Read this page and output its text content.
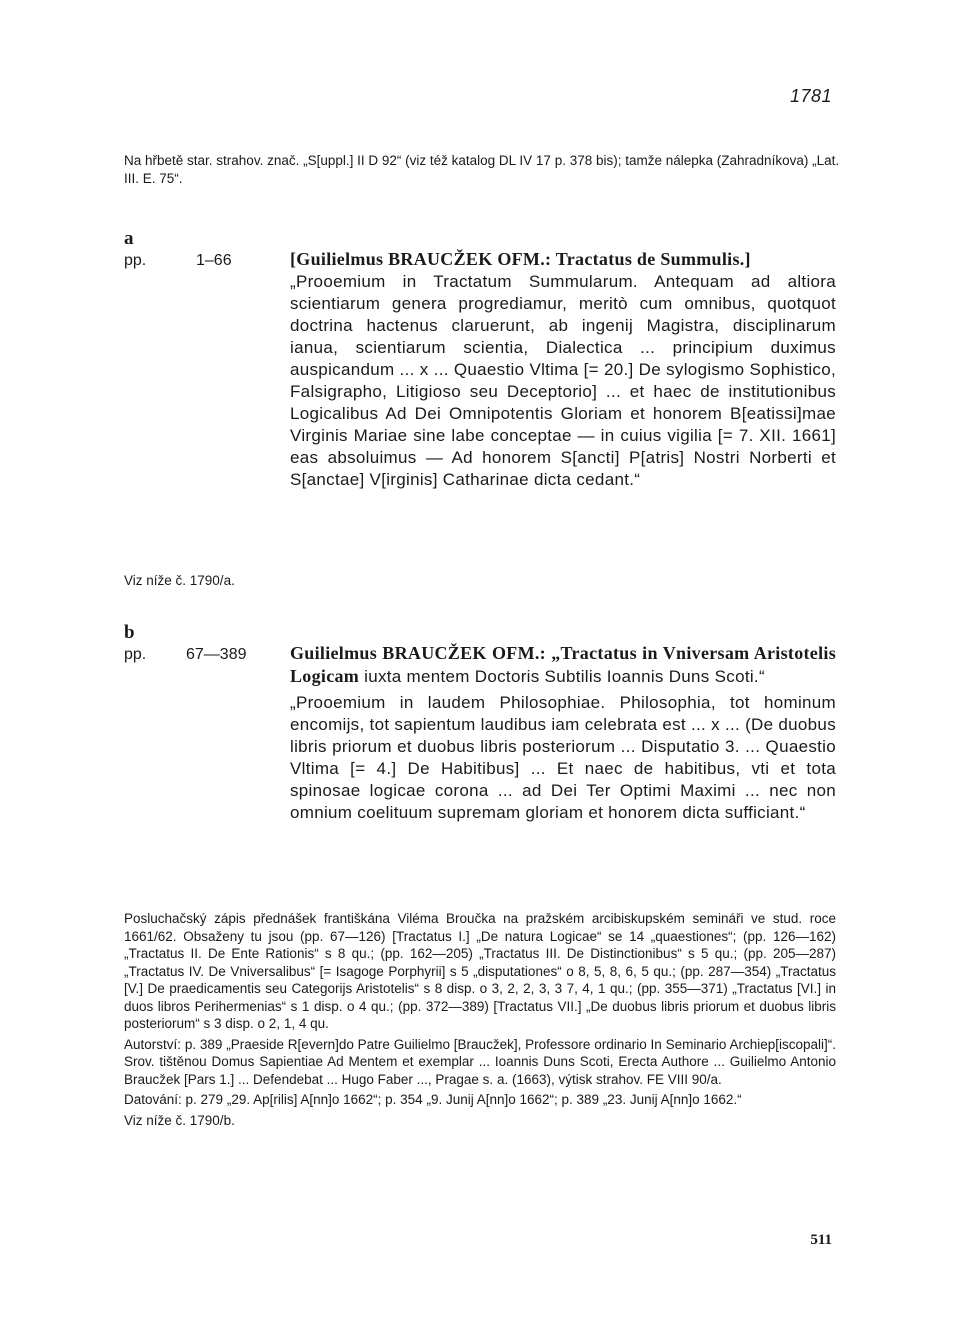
1781
Na hřbetě star. strahov. znač. „S[uppl.] II D 92“ (viz též katalog DL IV 17 p. 378 bis); tamže nálepka (Zahradníkova) „Lat. III. E. 75“.
a
pp.	1–66	[Guilielmus BRAUCŽEK OFM.: Tractatus de Summulis.]

„Prooemium in Tractatum Summularum. Antequam ad altiora scientiarum genera progrediamur, meritò cum omnibus, quotquot doctrina hactenus claruerunt, ab ingenij Magistra, disciplinarum ianua, scientiarum scientia, Dialectica ... principium duximus auspicandum ... x ... Quaestio Vltima [= 20.] De sylogismo Sophistico, Falsigrapho, Litigioso seu Deceptorio] ... et haec de institutionibus Logicalibus Ad Dei Omnipotentis Gloriam et honorem B[eatissi]mae Virginis Mariae sine labe conceptae — in cuius vigilia [= 7. XII. 1661] eas absoluimus — Ad honorem S[ancti] P[atris] Nostri Norberti et S[anctae] V[irginis] Catharinae dicta cedant.“

Viz níže č. 1790/a.
b
pp. 67—389 Guilielmus BRAUCŽEK OFM.: „Tractatus in Vniversam Aristotelis Logicam iuxta mentem Doctoris Subtilis Ioannis Duns Scoti.“

„Prooemium in laudem Philosophiae. Philosophia, tot hominum encomijs, tot sapientum laudibus iam celebrata est ... x ... (De duobus libris priorum et duobus libris posteriorum ... Disputatio 3. ... Quaestio Vltima [= 4.] De Habitibus] ... Et naec de habitibus, vti et tota spinosae logicae corona ... ad Dei Ter Optimi Maximi ... nec non omnium coelituum supremam gloriam et honorem dicta sufficiant.“

Posluchačský zápis přednášek františkána Viléma Broučka na pražském arcibiskupském semináři ve stud. roce 1661/62. Obsaženy tu jsou (pp. 67—126) [Tractatus I.] „De natura Logicae“ se 14 „quaestiones“; (pp. 126—162) „Tractatus II. De Ente Rationis“ s 8 qu.; (pp. 162—205) „Tractatus III. De Distinctionibus“ s 5 qu.; (pp. 205—287) „Tractatus IV. De Vniversalibus“ [= Isagoge Porphyrii] s 5 „disputationes“ o 8, 5, 8, 6, 5 qu.; (pp. 287—354) „Tractatus [V.] De praedicamentis seu Categorijs Aristotelis“ s 8 disp. o 3, 2, 2, 3, 3 7, 4, 1 qu.; (pp. 355—371) „Tractatus [VI.] in duos libros Perihermenias“ s 1 disp. o 4 qu.; (pp. 372—389) [Tractatus VII.] „De duobus libris priorum et duobus libris posteriorum“ s 3 disp. o 2, 1, 4 qu.

Autorství: p. 389 „Praeside R[evern]do Patre Guilielmo [Braucžek], Professore ordinario In Seminario Archiep[iscopali]“. Srov. tištěnou Domus Sapientiae Ad Mentem et exemplar ... Ioannis Duns Scoti, Erecta Authore ... Guilielmo Antonio Braucžek [Pars 1.] ... Defendebat ... Hugo Faber ..., Pragae s. a. (1663), výtisk strahov. FE VIII 90/a.

Datování: p. 279 „29. Ap[rilis] A[nn]o 1662“; p. 354 „9. Junij A[nn]o 1662“; p. 389 „23. Junij A[nn]o 1662.“

Viz níže č. 1790/b.

511
